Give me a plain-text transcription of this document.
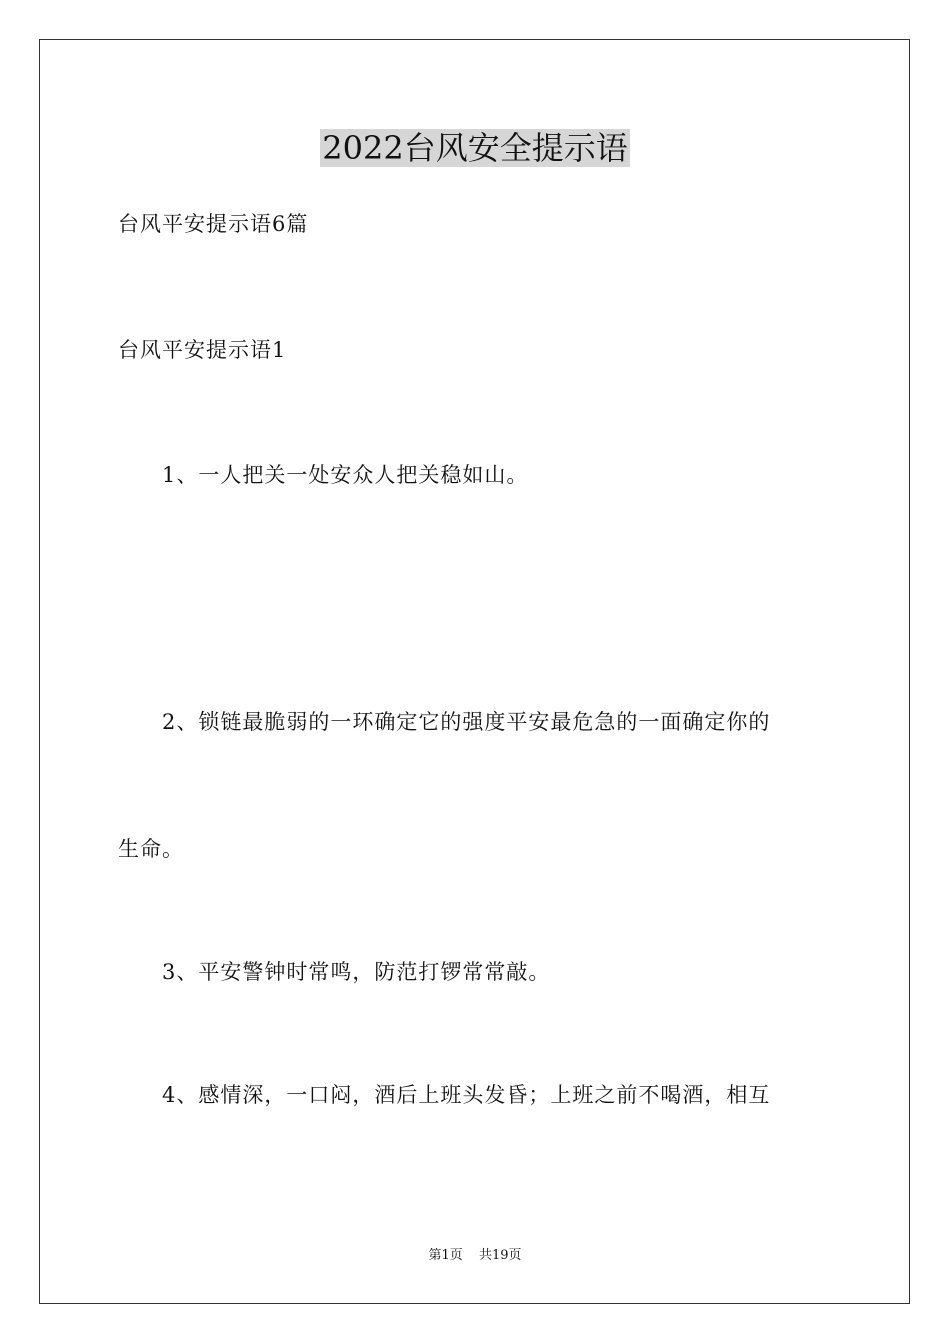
2022台风安全提示语
台风平安提示语6篇
台风平安提示语1
1、一人把关一处安众人把关稳如山。
2、锁链最脆弱的一环确定它的强度平安最危急的一面确定你的
生命。
3、平安警钟时常鸣，防范打锣常常敲。
4、感情深，一口闷，酒后上班头发昏；上班之前不喝酒，相互
第1页 共19页
